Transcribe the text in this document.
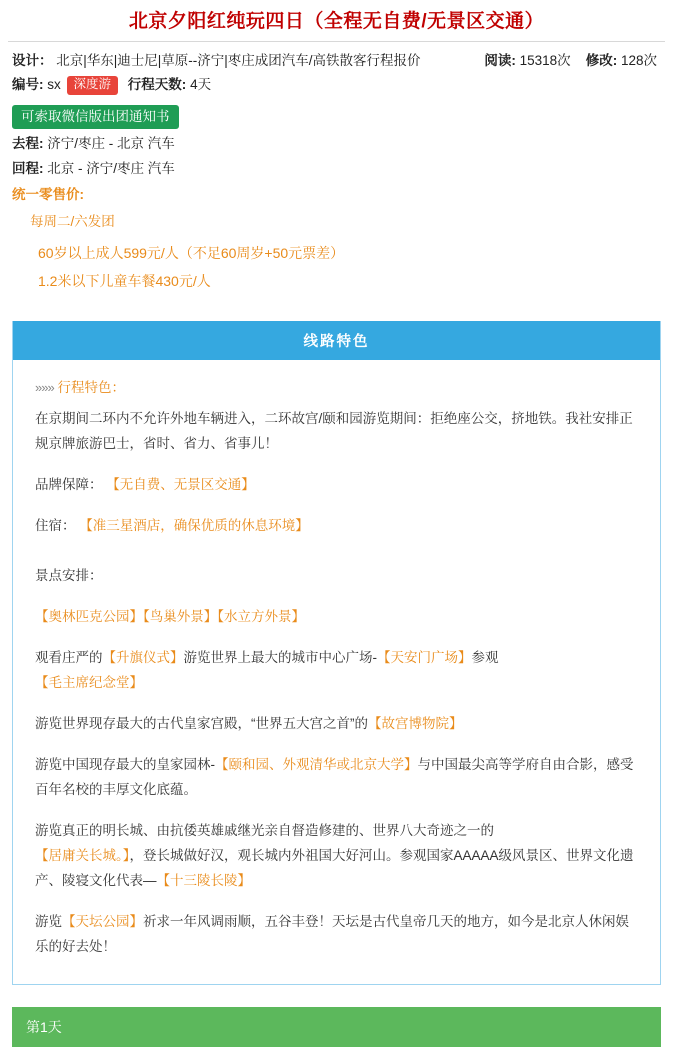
北京夕阳红纯玩四日（全程无自费/无景区交通）
阅读: 15318次 修改: 128次
设计： 北京|华东|迪士尼|草原--济宁|枣庄成团汽车/高铁散客行程报价
编号: sx 深度游 行程天数: 4天
可索取微信版出团通知书
去程: 济宁/枣庄 - 北京 汽车
回程: 北京 - 济宁/枣庄 汽车
统一零售价:
每周二/六发团
60岁以上成人599元/人（不足60周岁+50元票差）
1.2米以下儿童车餐430元/人
线路特色
»»» 行程特色：
在京期间二环内不允许外地车辆进入，二环故宫/颐和园游览期间：拒绝座公交，挤地铁。我社安排正规京牌旅游巴士，省时、省力、省事儿！
品牌保障： 【无自费、无景区交通】
住宿： 【准三星酒店，确保优质的休息环境】
景点安排：
【奥林匹克公园】【鸟巢外景】【水立方外景】
观看庄严的【升旗仪式】游览世界上最大的城市中心广场-【天安门广场】参观
【毛主席纪念堂】
游览世界现存最大的古代皇家宫殿，“世界五大宫之首”的【故宫博物院】
游览中国现存最大的皇家园林-【颐和园、外观清华或北京大学】与中国最尖高等学府自由合影，感受百年名校的丰厚文化底蕴。
游览真正的明长城、由抗倭英雄戚继光亲自督造修建的、世界八大奇迹之一的
【居庸关长城。】，登长城做好汉，观长城内外祖国大好河山。参观国家AAAAA级风景区、世界文化遗产、陵寝文化代表—【十三陵长陵】
游览【天坛公园】祈求一年风调雨顺，五谷丰登！天坛是古代皇帝几天的地方，如今是北京人休闲娱乐的好去处！
第1天
